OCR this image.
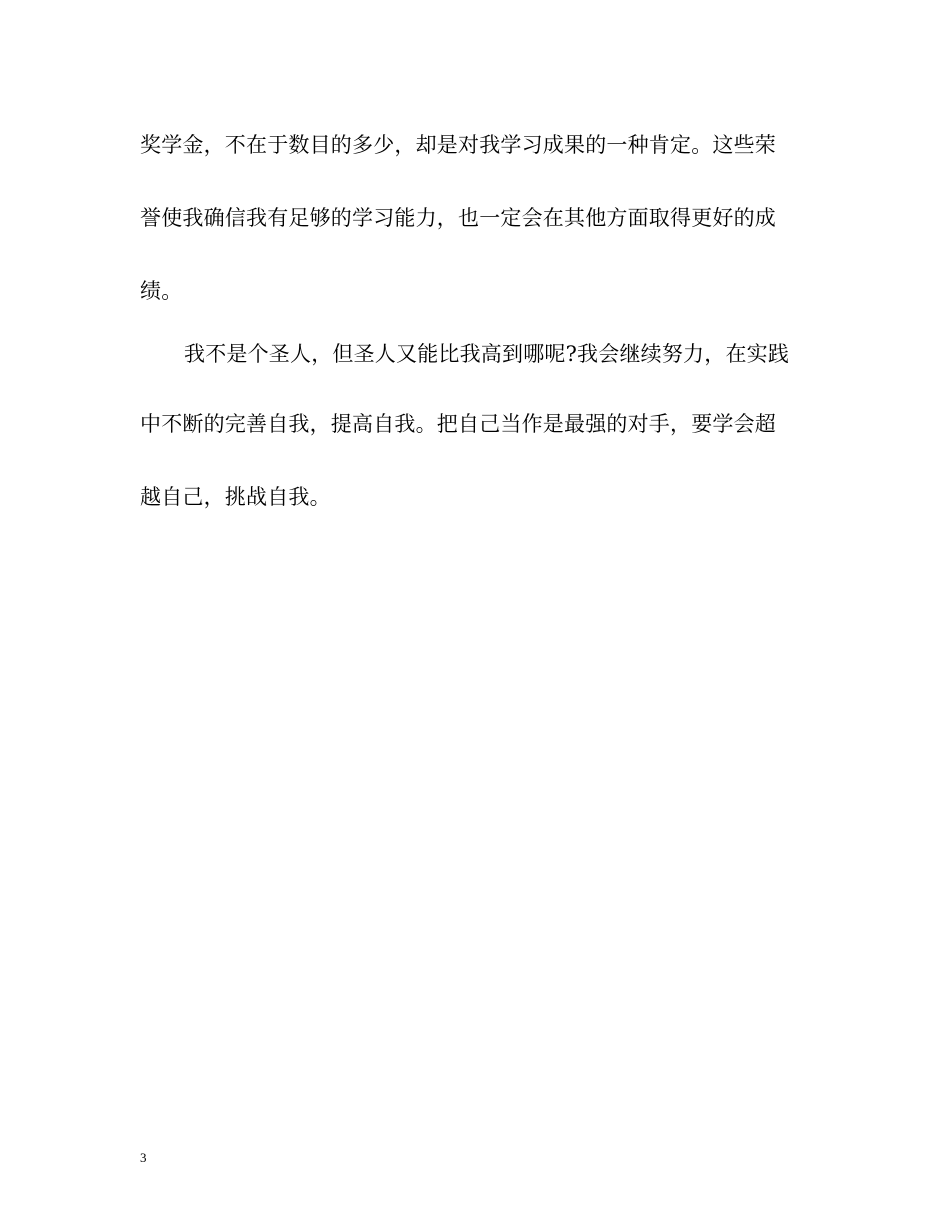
奖学金，不在于数目的多少，却是对我学习成果的一种肯定。这些荣
誉使我确信我有足够的学习能力，也一定会在其他方面取得更好的成
绩。
我不是个圣人，但圣人又能比我高到哪呢?我会继续努力，在实践
中不断的完善自我，提高自我。把自己当作是最强的对手，要学会超
越自己，挑战自我。
3
